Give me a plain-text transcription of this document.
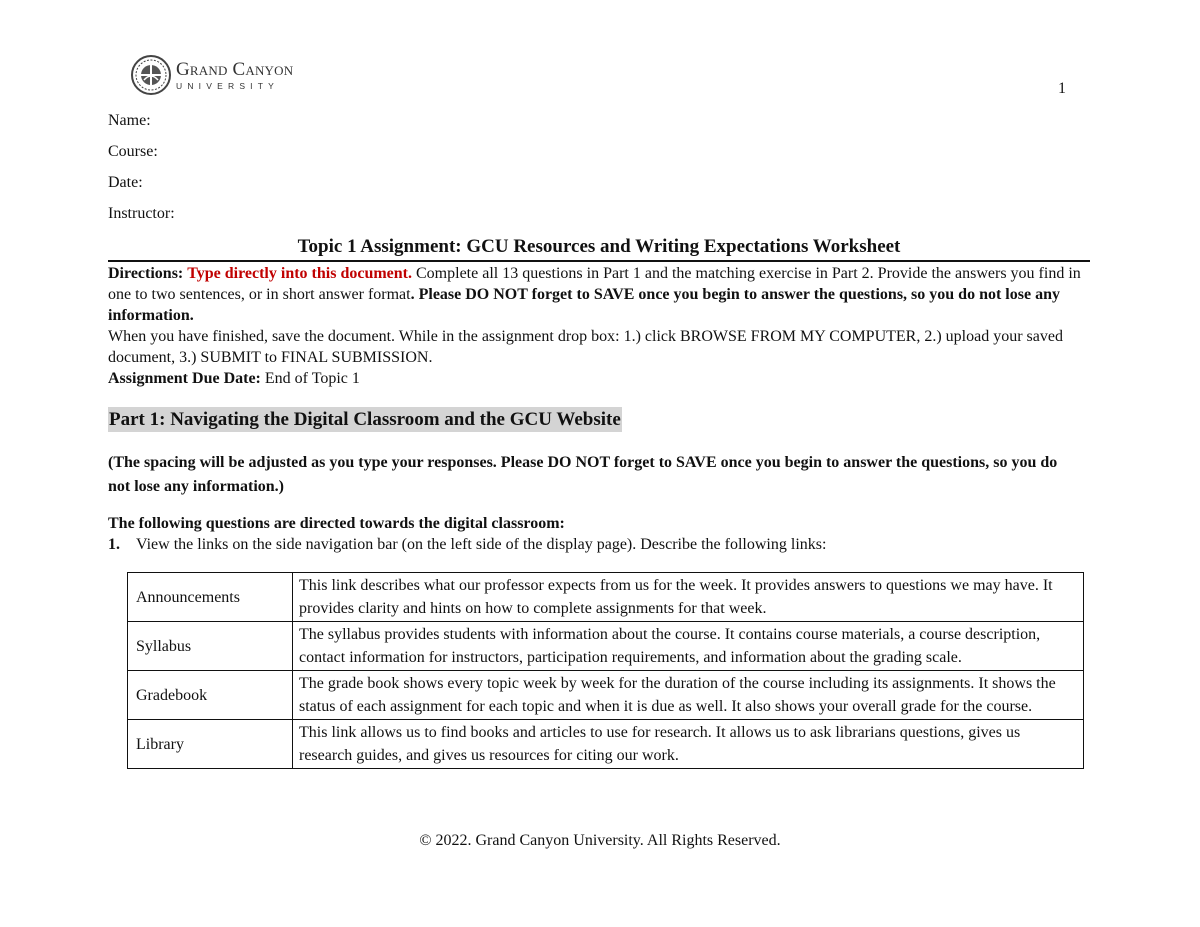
Grand Canyon
UNIVERSITY	1
Name:
Course:
Date:
Instructor:
Topic 1 Assignment: GCU Resources and Writing Expectations Worksheet
Directions: Type directly into this document. Complete all 13 questions in Part 1 and the matching exercise in Part 2. Provide the answers you find in one to two sentences, or in short answer format. Please DO NOT forget to SAVE once you begin to answer the questions, so you do not lose any information.
When you have finished, save the document. While in the assignment drop box: 1.) click BROWSE FROM MY COMPUTER, 2.) upload your saved document, 3.) SUBMIT to FINAL SUBMISSION.
Assignment Due Date: End of Topic 1
Part 1: Navigating the Digital Classroom and the GCU Website
(The spacing will be adjusted as you type your responses. Please DO NOT forget to SAVE once you begin to answer the questions, so you do not lose any information.)
The following questions are directed towards the digital classroom:
1. View the links on the side navigation bar (on the left side of the display page). Describe the following links:
Announcements	This link describes what our professor expects from us for the week. It provides answers to questions we may have. It provides clarity and hints on how to complete assignments for that week.
Syllabus	The syllabus provides students with information about the course. It contains course materials, a course description, contact information for instructors, participation requirements, and information about the grading scale.
Gradebook	The grade book shows every topic week by week for the duration of the course including its assignments. It shows the status of each assignment for each topic and when it is due as well. It also shows your overall grade for the course.
Library	This link allows us to find books and articles to use for research. It allows us to ask librarians questions, gives us research guides, and gives us resources for citing our work.
© 2022. Grand Canyon University. All Rights Reserved.
